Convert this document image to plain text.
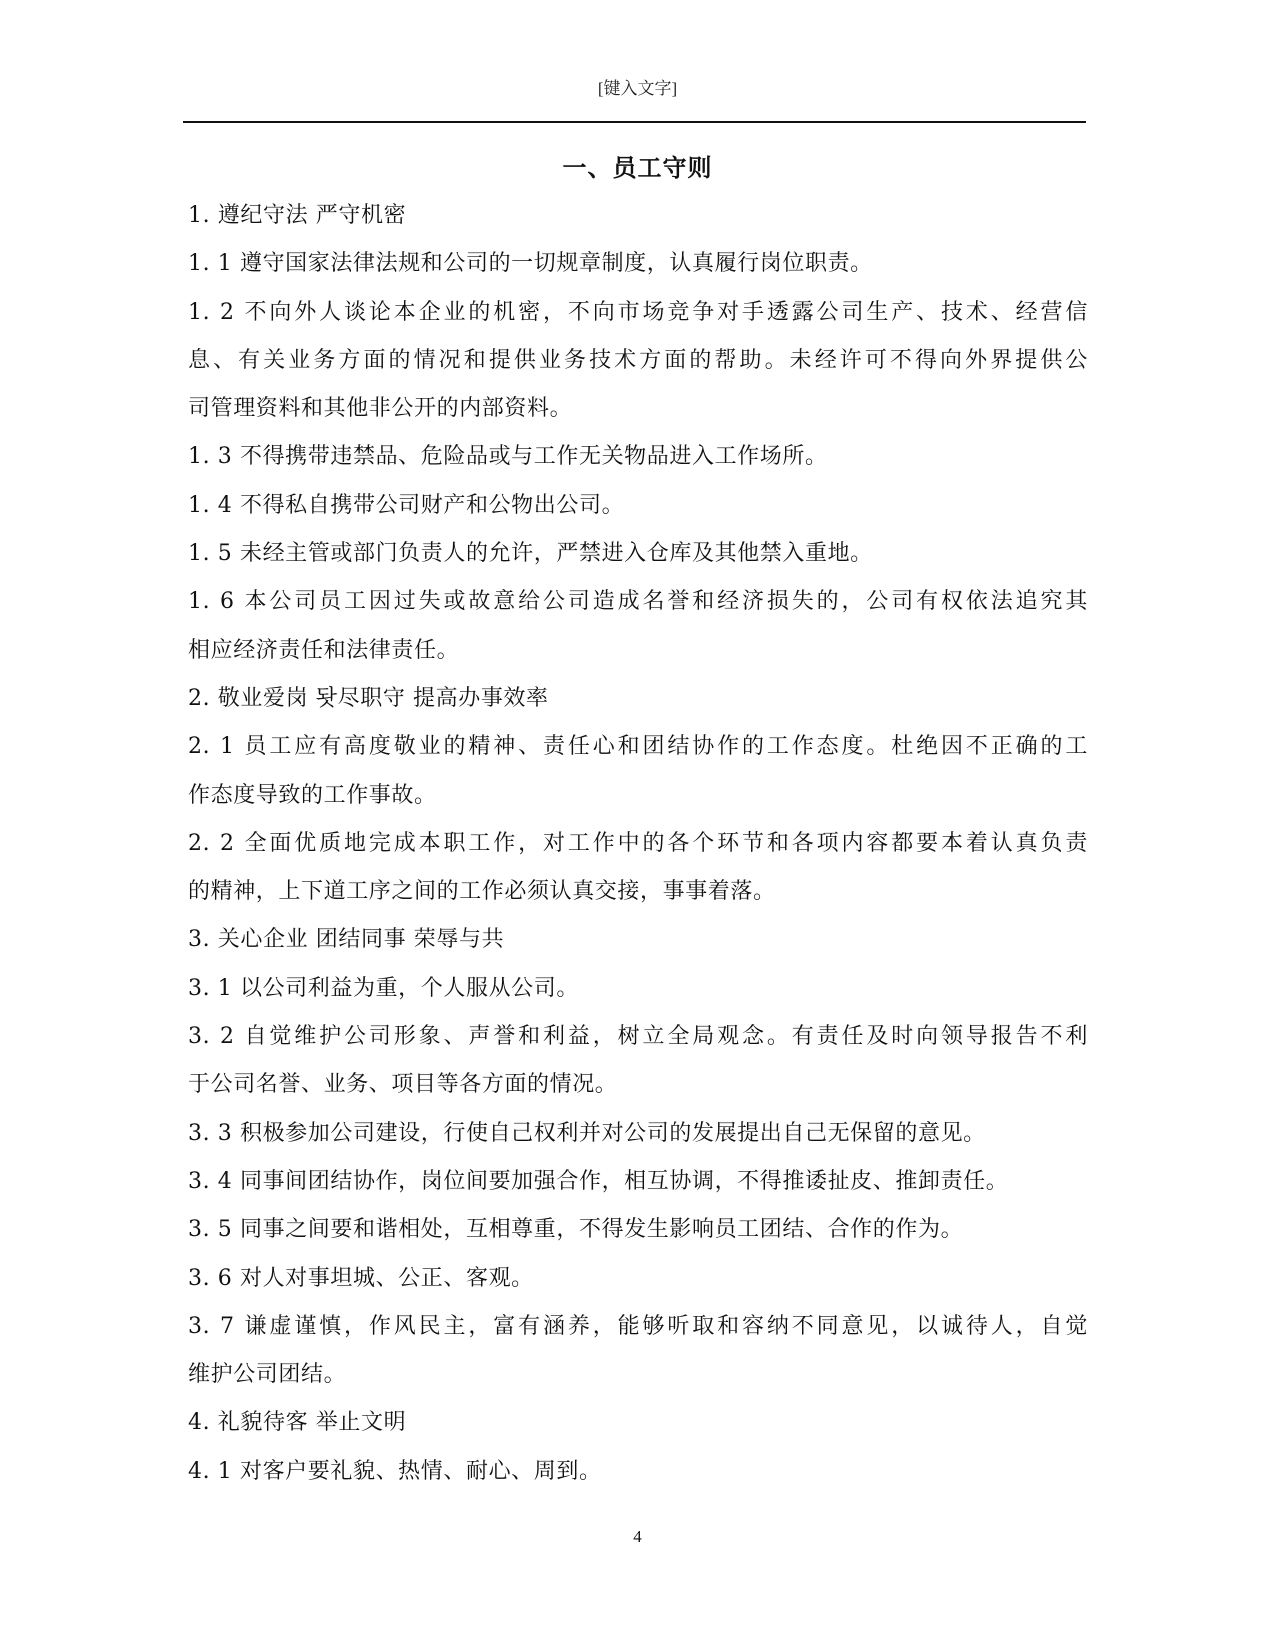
[键入文字]
一、员工守则
1. 遵纪守法 严守机密
1. 1 遵守国家法律法规和公司的一切规章制度，认真履行岗位职责。
1. 2 不向外人谈论本企业的机密，不向市场竞争对手透露公司生产、技术、经营信
息、有关业务方面的情况和提供业务技术方面的帮助。未经许可不得向外界提供公
司管理资料和其他非公开的内部资料。
1. 3 不得携带违禁品、危险品或与工作无关物品进入工作场所。
1. 4 不得私自携带公司财产和公物出公司。
1. 5 未经主管或部门负责人的允许，严禁进入仓库及其他禁入重地。
1. 6 本公司员工因过失或故意给公司造成名誉和经济损失的，公司有权依法追究其
相应经济责任和法律责任。
2. 敬业爱岗 돳尽职守 提高办事效率
2. 1 员工应有高度敬业的精神、责任心和团结协作的工作态度。杜绝因不正确的工
作态度导致的工作事故。
2. 2 全面优质地完成本职工作，对工作中的各个环节和各项内容都要本着认真负责
的精神，上下道工序之间的工作必须认真交接，事事着落。
3. 关心企业 团结同事 荣辱与共
3. 1 以公司利益为重，个人服从公司。
3. 2 自觉维护公司形象、声誉和利益，树立全局观念。有责任及时向领导报告不利
于公司名誉、业务、项目等各方面的情况。
3. 3 积极参加公司建设，行使自己权利并对公司的发展提出自己无保留的意见。
3. 4 同事间团结协作，岗位间要加强合作，相互协调，不得推诿扯皮、推卸责任。
3. 5 同事之间要和谐相处，互相尊重，不得发生影响员工团结、合作的作为。
3. 6 对人对事坦城、公正、客观。
3. 7 谦虚谨慎，作风民主，富有涵养，能够听取和容纳不同意见，以诚待人，自觉
维护公司团结。
4. 礼貌待客 举止文明
4. 1 对客户要礼貌、热情、耐心、周到。
4
